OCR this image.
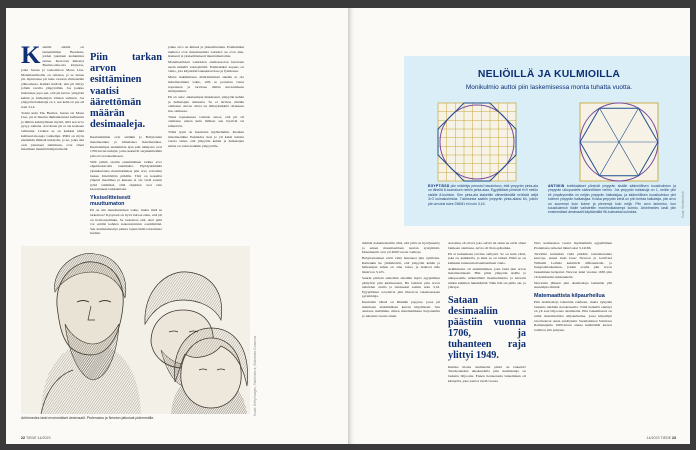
K aikilla aikilla on tunnenimmat Beatlesia, joiden jokainen kadunmies tuntee. Kerrovan ilmestyi Beatles-ainoosta kirjastoa, jotka Jeesus ja tarkoittavat Mona Lisa. Matemaattikoille on omansa, ja se lienee pii. Opintoissa pii tulee vastaan viimeistään yläkoulussa. Kaikki tietävät, että pii liittyy jollain tavalla ympyröihin. Jos joukko muistanee jopa sen, että pii kertoo ympyrän kehän ja halkaisijan välisen suhteen. Jos ympyrän halkaisija on 1, sen kehä on pii, eli noin 3,14.

Toisin kuin The Beatles, Jeesus tai Mona Lisa, pii ei muuttu ihmismielessä kulttuurin ja ilmiön kehittymisen myötä, sillä sen arvo pysyy samana. Arvoltaan pii ei ole koskaan vaihtunut. Lisäksi se on kaikkia näitä kulttuuri-ikoneja vanhempi. Piillä on myös enemmän ihmisiä tutkijoita, ja ne, jotka sitä ovat joutuneet tutkimaan, ovat olleet maailman merkittävimpiä mieliä.

Piin tarkan arvon esittäminen vaatisi äärettömän määrän desimaaleja.

Kuuluisimmat ovat antiikin ja Babylonian matemaatikot ja kiinalaiset matemaatikot. Kuuluisimpia uudemman ajan piin tutkijoita ovat 1700-luvun tutkijat, jotka keksivät sarjakehitelmiä piin arvon laskemiseen.

Sillä piihin saatiin ensimmäinen tarkka arvo ohjelmoitavalla laskimella. Hyödyntämällä yksinkertaista matematiikkaa piin arvo voitaisiin laskea äärettömän pitkälle. Tätä on kokeiltu ympäri maailmaa ja kukaan ei ole vielä saanut työtä valmiiksi, sillä ohjelmat ovat vain kasvattaneet tarkkuuttaan.

Yksiselitteisesti muuttumaton

Pii on siis matemaattinen vakio, mutta mitä se tarkoittaa? Kysyessä on hyvä kaivaa esiin, että pii on irrationaaliluku. Se tarkoittaa sitä, ettei piitä voi esittää kahden kokonaisluvun osamääränä. Sen desimaaliesitys jatkuu loputtomiin toistamatta itseään.

jonka arvo on kiinteä ja yksiselitteinen. Esimerkiksi numerot ovat matemaattisia vakioita: ne ovat aina, ikuisesti ja yksiselitteisesti muuttumattomia.

Matemaattisten vakioiden olemassaolon kuvataan usein nimellä vakioyhtälöt. Esimerkiksi nopeus on vakio, jota käytetään laskukaavoissa ja fysiikassa.

Mutta tiukimmassa määritelmässä sekään ei ole matemaattinen vakio, sillä se perustuu valon nopeuteen ja tarvitsee tämän kuvaamiseen mittayksiköt.

Pii on outo: aikaisempia mukaisesti, ympyrän kehän ja halkaisijan suhteena. Se ei tarvitse mitään olemassa olevaa oliota tai mittayksikköä ollakseen itse olemassa.

Tässä tapauksessa voidaan sanoa, että pii oli olemassa ennen kuin ihmiset sen löysivät tai nimesivät.

Tämä tyyni on huomattu myöhemmin. Kreikan matemaatikko Eukleides tiesi jo yli kaksi tuhatta vuotta sitten, että ympyrän kehän ja halkaisijan suhde on vakio kaikille ympyröille.

Arkhimedes laski ensimmäiset desimaalit. Ptolemaios ja Newton jatkoivat pidemmälle.
Kuvat: Getty Images, Shutterstock, Wikimedia Commons
22 TIEDE 14/2023
NELIÖILLÄ JA KULMIOILLA
Monikulmio auttoi piin laskemisessa monta tuhatta vuotta.
EGYPTISSÄ piin määritys perustui havaintoon, että ympyrän pinta-ala on lähellä 8-tuumaisen neliön pinta-alaa. Egyptiläiset piirsivät 9×9 neliön sisälle 8-kulmion. Sen pinta-ala laskettiin vähentämällä neliöstä neljä 3×3 kulmakolmiota. Tuloksesta saatiin ympyrän pinta-alaksi 64, jolloin piin arvoksi tulee 256/81 eli noin 3,16.
ANTIIKIN kreikkalaiset piirsivät ympyrän sisälle säännöllisen kuusikulmion ja ympyrän ulkopuolelle säännöllisen neliön. Jos ympyrän halkaisija on 1, neliön piiri eli ympärysmitta on neljän ympyrän halkaisijaa, ja säännöllisen kuusikulmion piiri kolmen ympyrän halkaisijaa. Koska ympyrän kehä on piin kertaa halkaisija, piin arvo on suurempi kuin kolme ja pienempi kuin neljä. Piin arvo tarkentui, kun kuusikulmion tilalle vaihdettiin monimutkaisempi kulmio. Arkhimedes laski piin ensimmäiset desimaalit käyttämällä 96-kulmaista kulmiota.	Kuva: Shutterstock

määrää dokumentoitiin sillä, että piitä on hyödynnetty jo ennen matemaattisen teorian syntymistä. Dokumentit ovat yli 4000 vuotta vanhoja.

Babylonialaiset eivät vielä tunteneet piin symbolia. Kuitenkin he ymmärsivät, että ympyrän kehän ja halkaisijan suhde on aina vakio, ja laskivat sille likiarvon 3,125.

Suurin piirtein samoihin aikoihin myös egyptiläiset päätyivät piin käsitteeseen. He laskivat piin arvon neliöiden avulla ja tulokseksi saatiin noin 3,16. Egyptiläiset sovelsivat piin likiarvoa rakentaessaan pyramideja.

Kuuluisin näistä on Rhindin papyrus, jossa pii mainitaan ensimmäisen kerran kirjallisesti. Sen ansiosta tiedämme, miten matematiikkaa harjoitettiin jo tuhansia vuosia sitten.

Asioiden oli oltava joko selviä tai sitten ne eivät olleet lainkaan olemassa. Arvio oli liian epätarkka.

Pii ei kuitenkaan tarvitse selitystä. Se on kuin väriä, joka on kaikkialla, ja siksi se on tärkeä. Ehkä se on kaikkein tunnetuin matemaattinen vakio.

Arkhimedes oli ensimmäinen, joka laski piin arvon matemaattisesti. Hän piirsi ympyrän sisälle ja ulkopuolelle säännöllisiä monikulmioita ja kasvatti niiden kulmien lukumäärää. Näin hän sai piille ala- ja ylärajat.

Sataan desimaaliin päästiin vuonna 1706, ja tuhanteen raja ylittyi 1949.

Kuinka monta desimaalia piistä on laskettu? Tietokoneiden aikakaudella piin desimaaleja on laskettu biljoonia. Ennen tietokoneita laskeminen oli käsityötä, joka saattoi viedä vuosia.

Nois kolmesataa vuotta myöhemmin egyptiläinen Ptolemaios tarkensi likiarvoksi 3,14166.

Tarvittiin kuitenkin vielä pitkään toistamattomia kaavoja, ennen kuin Isaac Newton ja Gottfried Wilhelm Leibniz kehittivät differentiaali- ja integraalilaskennan, joiden avulla piin arvon laskeminen helpottui. Newton laski vuonna 1665 piin 16 desimaalin tarkkuudella.

Newtonin jälkeen piin desimaaleja laskettiin yhä suurempia määriä.

Matemaattista kilpaurheilua

Piin desimaaleja laskettiin edelleen, mutta nykyään laskenta tehdään tietokoneella. Tällä hetkellä ennätys on yli sata biljoonaa desimaalia. Piin laskemisesta on tullut matemaattista kilpaurheilua, jossa kilpailijat tavoittelevat uusia ennätyksiä. Suomalainen Srinivasa Ramanujanin 1900-luvun alussa kehittämät kaavat toimivat yhä pohjana.

14/2023 TIEDE 23
